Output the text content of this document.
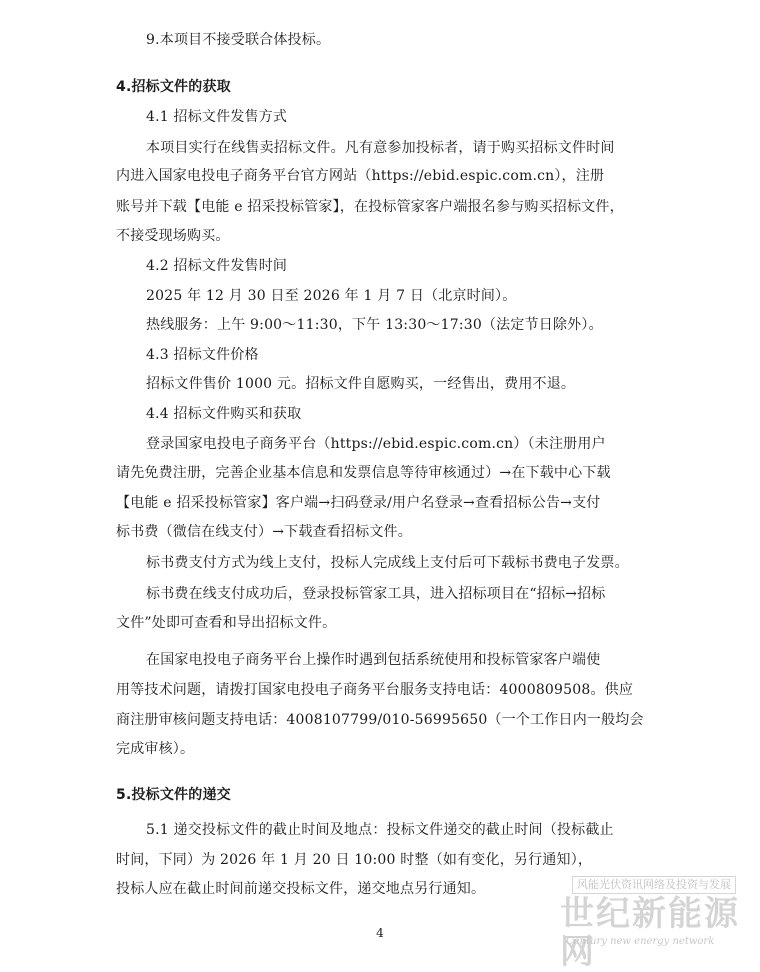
9.本项目不接受联合体投标。
4.招标文件的获取
4.1 招标文件发售方式
本项目实行在线售卖招标文件。凡有意参加投标者，请于购买招标文件时间
内进入国家电投电子商务平台官方网站（https://ebid.espic.com.cn），注册
账号并下载【电能 e 招采投标管家】，在投标管家客户端报名参与购买招标文件，
不接受现场购买。
4.2 招标文件发售时间
2025 年 12 月 30 日至 2026 年 1 月 7 日（北京时间）。
热线服务：上午 9:00～11:30，下午 13:30～17:30（法定节日除外）。
4.3 招标文件价格
招标文件售价 1000 元。招标文件自愿购买，一经售出，费用不退。
4.4 招标文件购买和获取
登录国家电投电子商务平台（https://ebid.espic.com.cn）（未注册用户
请先免费注册，完善企业基本信息和发票信息等待审核通过）→在下载中心下载
【电能 e 招采投标管家】客户端→扫码登录/用户名登录→查看招标公告→支付
标书费（微信在线支付）→下载查看招标文件。
标书费支付方式为线上支付，投标人完成线上支付后可下载标书费电子发票。
标书费在线支付成功后，登录投标管家工具，进入招标项目在“招标→招标
文件”处即可查看和导出招标文件。
在国家电投电子商务平台上操作时遇到包括系统使用和投标管家客户端使
用等技术问题，请拨打国家电投电子商务平台服务支持电话：4000809508。供应
商注册审核问题支持电话：4008107799/010-56995650（一个工作日内一般均会
完成审核）。
5.投标文件的递交
5.1 递交投标文件的截止时间及地点：投标文件递交的截止时间（投标截止
时间，下同）为 2026 年 1 月 20 日 10:00 时整（如有变化，另行通知），
投标人应在截止时间前递交投标文件，递交地点另行通知。
4
风能光伏资讯网络及投资与发展
世纪新能源网
Century new energy network
